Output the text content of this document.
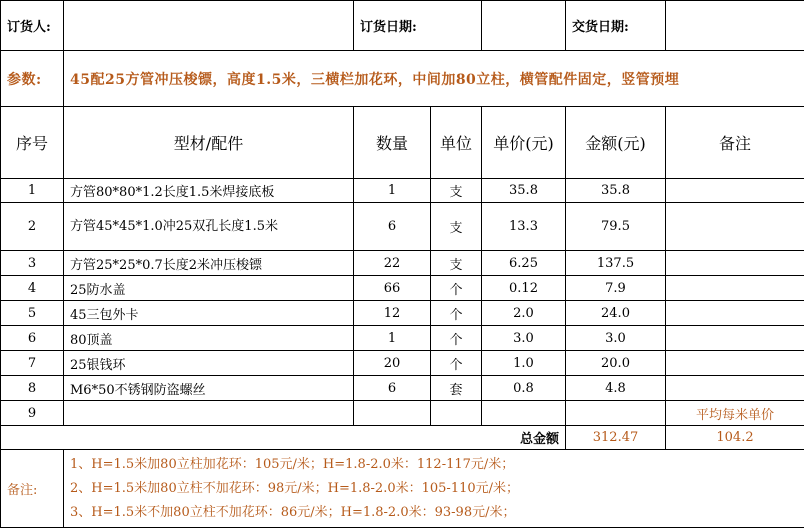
订货人:		订货日期:			交货日期:	
参数:	45配25方管冲压梭镖，高度1.5米，三横栏加花环，中间加80立柱，横管配件固定，竖管预埋					
序号	型材/配件	数量	单位	单价(元)	金额(元)	备注
1	方管80*80*1.2长度1.5米焊接底板	1	支	35.8	35.8	
2	方管45*45*1.0冲25双孔长度1.5米	6	支	13.3	79.5	
3	方管25*25*0.7长度2米冲压梭镖	22	支	6.25	137.5	
4	25防水盖	66	个	0.12	7.9	
5	45三包外卡	12	个	2.0	24.0	
6	80顶盖	1	个	3.0	3.0	
7	25银钱环	20	个	1.0	20.0	
8	M6*50不锈钢防盗螺丝	6	套	0.8	4.8	
9						平均每米单价
总金额					312.47	104.2
备注:	1、H=1.5米加80立柱加花环：105元/米；H=1.8-2.0米：112-117元/米；
2、H=1.5米加80立柱不加花环：98元/米；H=1.8-2.0米：105-110元/米；
3、H=1.5米不加80立柱不加花环：86元/米；H=1.8-2.0米：93-98元/米；					
